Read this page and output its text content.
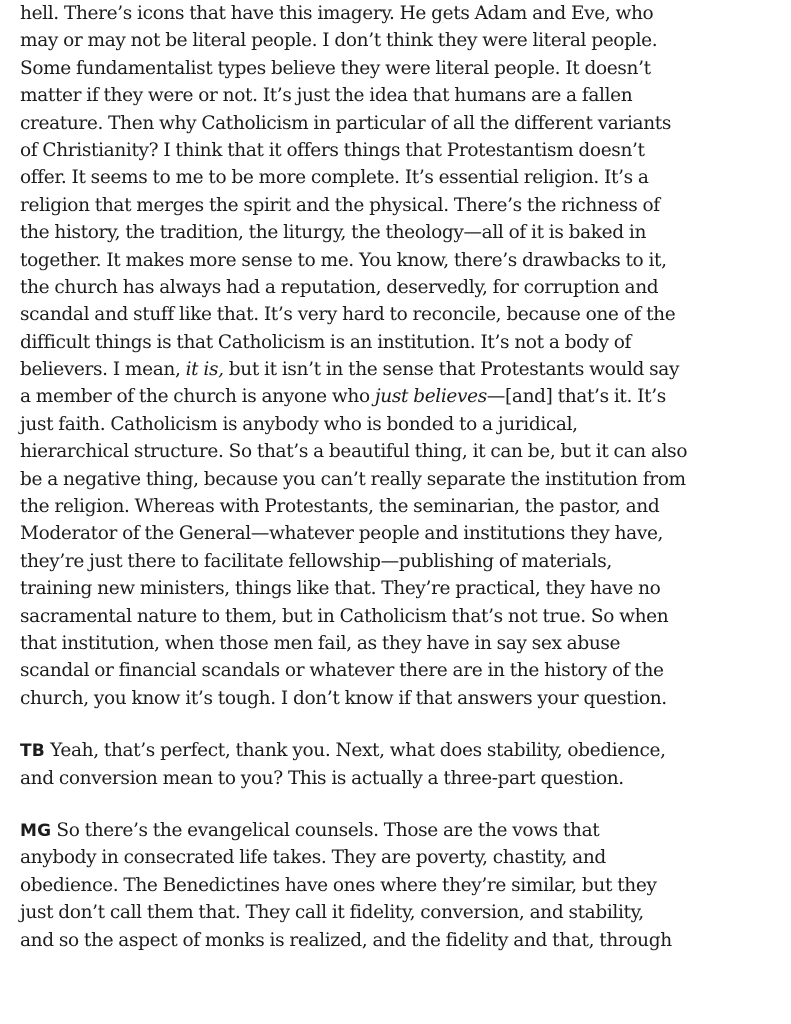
hell. There’s icons that have this imagery. He gets Adam and Eve, who
may or may not be literal people. I don’t think they were literal people.
Some fundamentalist types believe they were literal people. It doesn’t
matter if they were or not. It’s just the idea that humans are a fallen
creature. Then why Catholicism in particular of all the different variants
of Christianity? I think that it offers things that Protestantism doesn’t
offer. It seems to me to be more complete. It’s essential religion. It’s a
religion that merges the spirit and the physical. There’s the richness of
the history, the tradition, the liturgy, the theology—all of it is baked in
together. It makes more sense to me. You know, there’s drawbacks to it,
the church has always had a reputation, deservedly, for corruption and
scandal and stuff like that. It’s very hard to reconcile, because one of the
difficult things is that Catholicism is an institution. It’s not a body of
believers. I mean, it is, but it isn’t in the sense that Protestants would say
a member of the church is anyone who just believes—[and] that’s it. It’s
just faith. Catholicism is anybody who is bonded to a juridical,
hierarchical structure. So that’s a beautiful thing, it can be, but it can also
be a negative thing, because you can’t really separate the institution from
the religion. Whereas with Protestants, the seminarian, the pastor, and
Moderator of the General—whatever people and institutions they have,
they’re just there to facilitate fellowship—publishing of materials,
training new ministers, things like that. They’re practical, they have no
sacramental nature to them, but in Catholicism that’s not true. So when
that institution, when those men fail, as they have in say sex abuse
scandal or financial scandals or whatever there are in the history of the
church, you know it’s tough. I don’t know if that answers your question.
TB Yeah, that’s perfect, thank you. Next, what does stability, obedience,
and conversion mean to you? This is actually a three-part question.
MG So there’s the evangelical counsels. Those are the vows that
anybody in consecrated life takes. They are poverty, chastity, and
obedience. The Benedictines have ones where they’re similar, but they
just don’t call them that. They call it fidelity, conversion, and stability,
and so the aspect of monks is realized, and the fidelity and that, through
